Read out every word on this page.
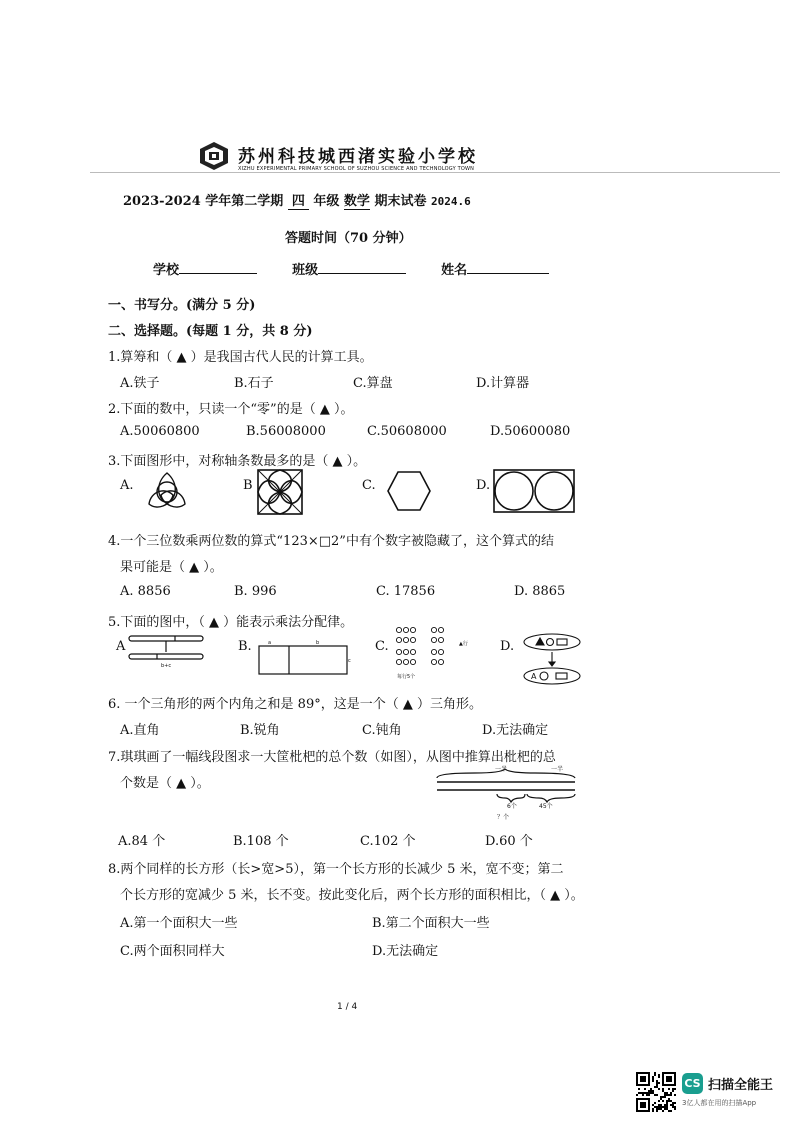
苏州科技城西渚实验小学校
XIZHU EXPERIMENTAL PRIMARY SCHOOL OF SUZHOU SCIENCE AND TECHNOLOGY TOWN
2023-2024 学年第二学期 四 年级 数学 期末试卷 2024.6
答题时间（70 分钟）
学校	班级	姓名
一、书写分。(满分 5 分)
二、选择题。(每题 1 分，共 8 分)
1.算筹和（ ▲ ）是我国古代人民的计算工具。
A.铁子	B.石子	C.算盘	D.计算器
2.下面的数中，只读一个“零”的是（ ▲ ）。
A.50060800	B.56008000	C.50608000	D.50600080
3.下面图形中，对称轴条数最多的是（ ▲ ）。
A.	B	C.	D.
4.一个三位数乘两位数的算式“123×□2”中有个数字被隐藏了，这个算式的结
果可能是（ ▲ ）。
A. 8856	B. 996	C. 17856	D. 8865
5.下面的图中，（ ▲ ）能表示乘法分配律。
A
b+c
B.	a	b
c
C.	▲行
每行5个
D.
A
6. 一个三角形的两个内角之和是 89°，这是一个（ ▲ ）三角形。
A.直角	B.锐角	C.钝角	D.无法确定
7.琪琪画了一幅线段图求一大筐枇杷的总个数（如图），从图中推算出枇杷的总
个数是（ ▲ ）。
一半	一半
6个	45个
？个
A.84 个	B.108 个	C.102 个	D.60 个
8.两个同样的长方形（长>宽>5），第一个长方形的长减少 5 米，宽不变；第二
个长方形的宽减少 5 米，长不变。按此变化后，两个长方形的面积相比，（ ▲ ）。
A.第一个面积大一些	B.第二个面积大一些
C.两个面积同样大	D.无法确定
1 / 4
CS 扫描全能王
3亿人都在用的扫描App
